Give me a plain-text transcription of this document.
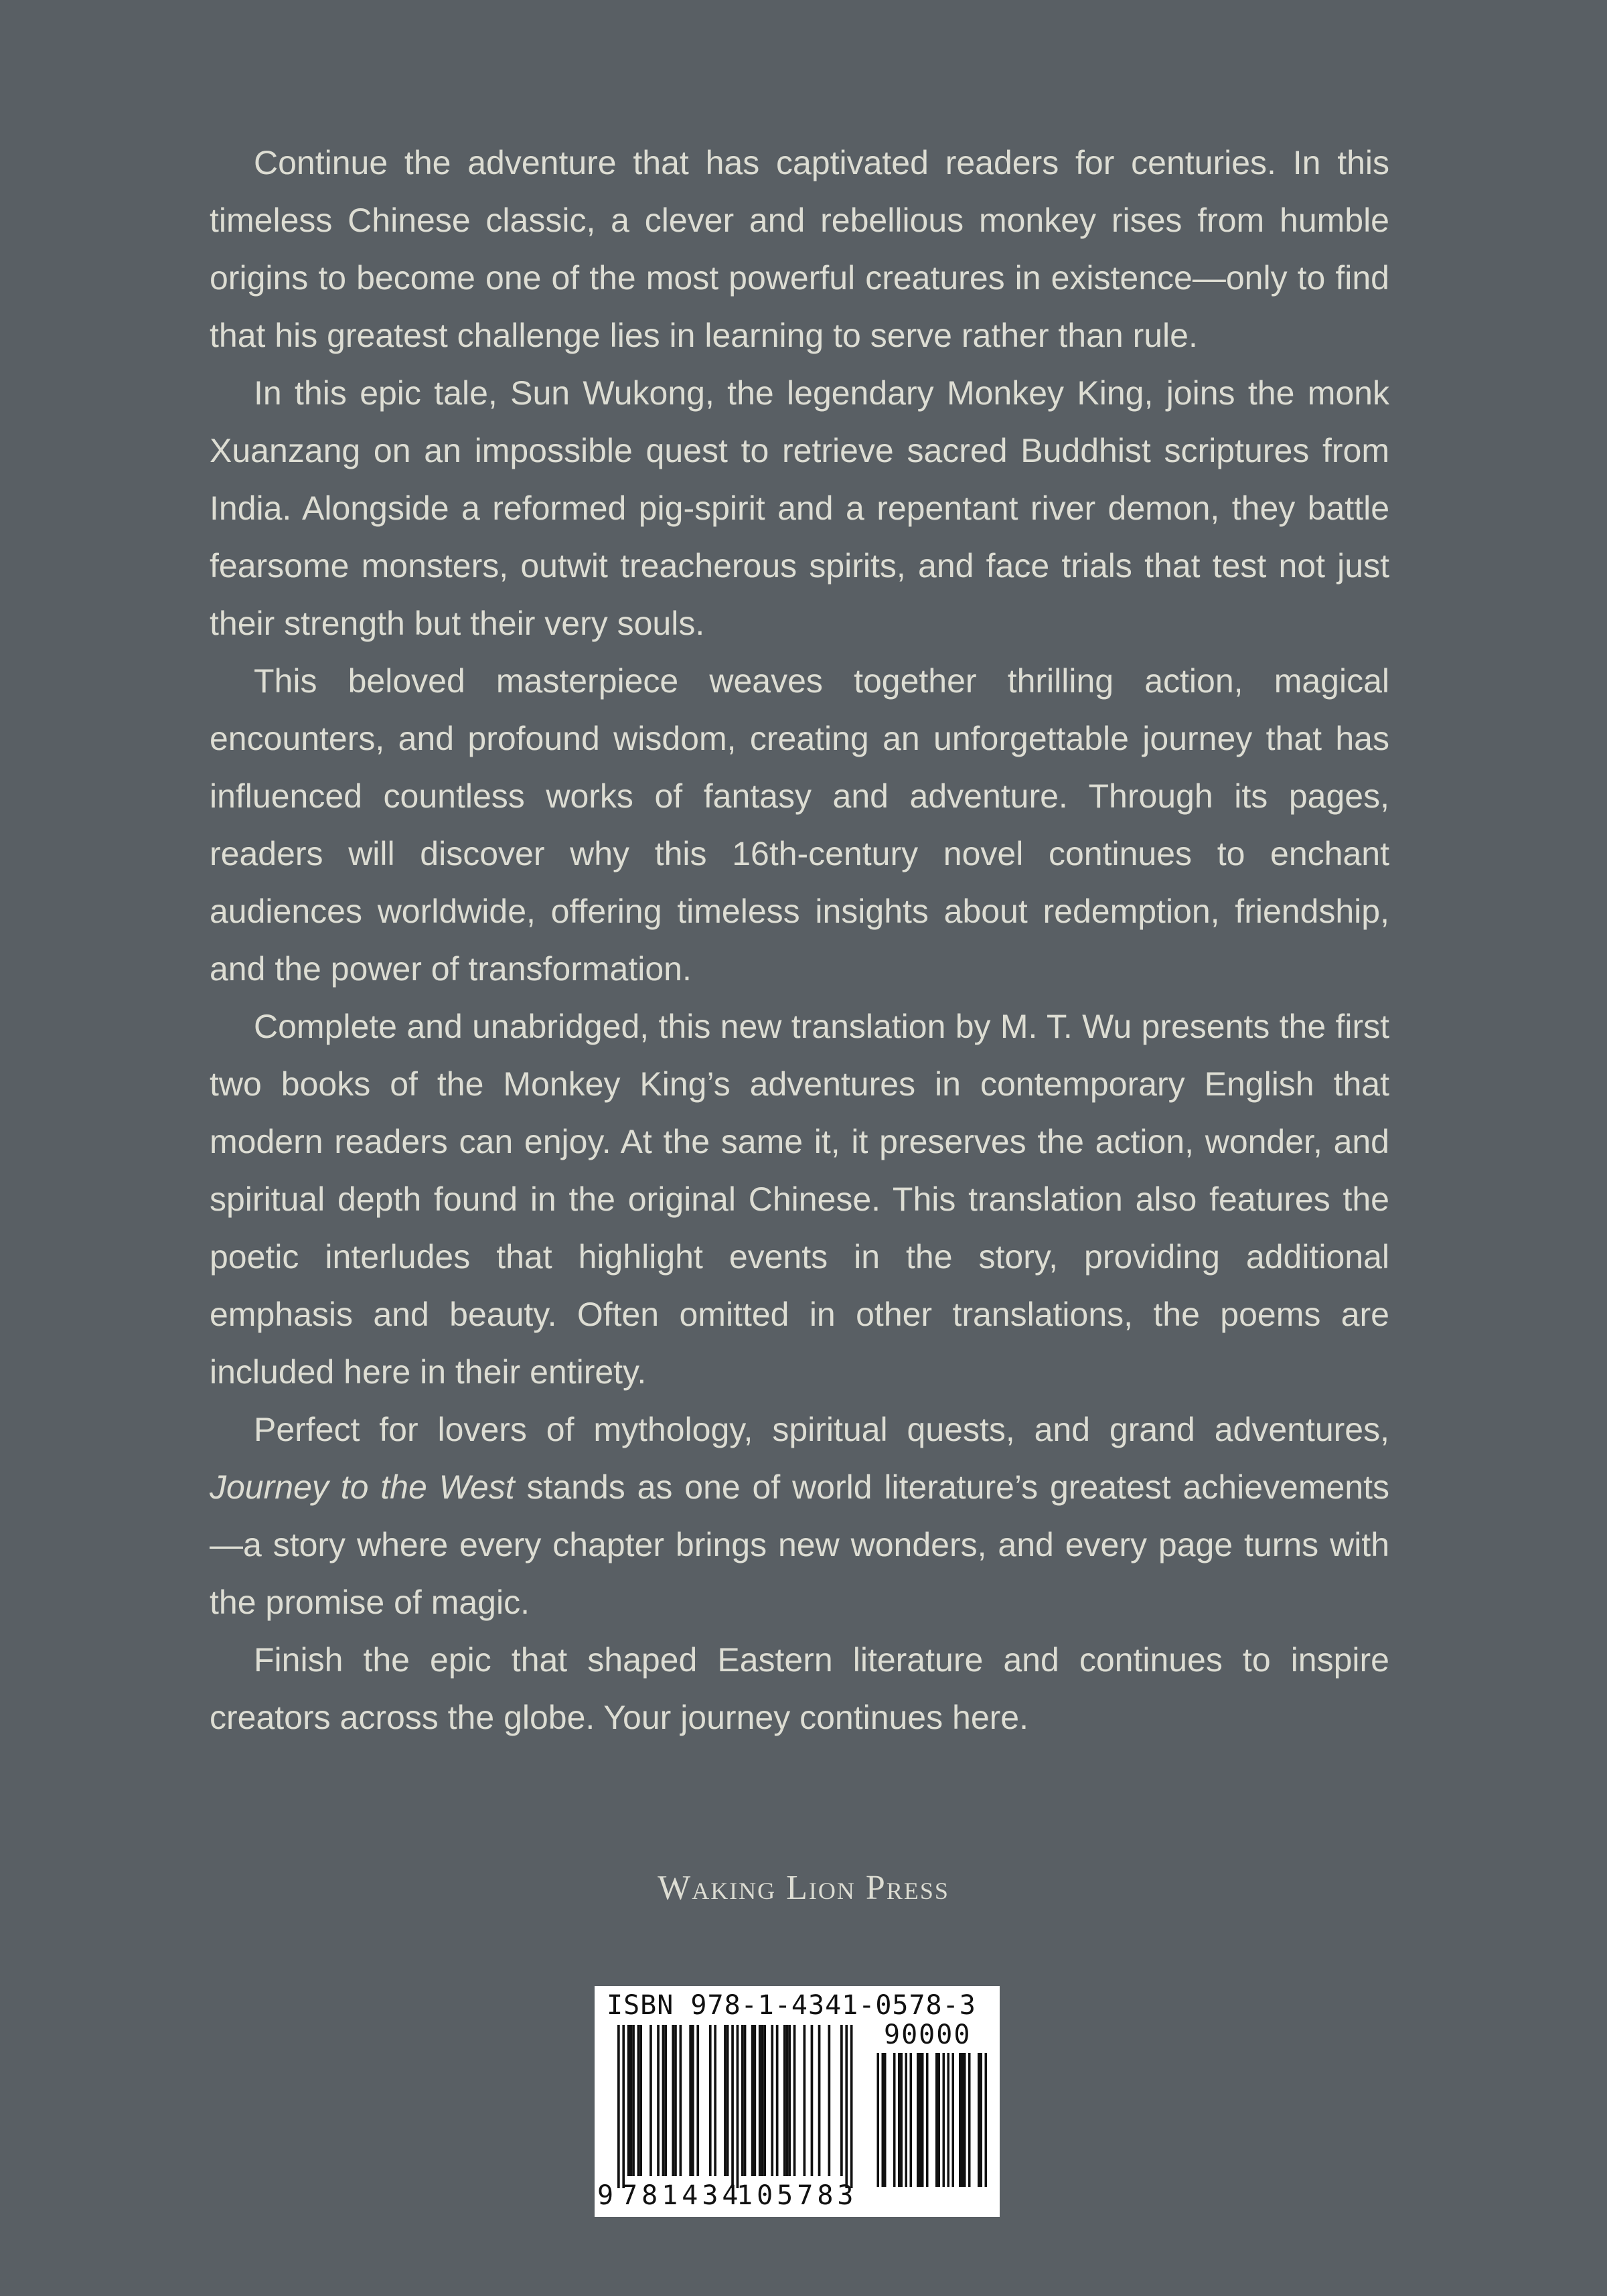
Continue the adventure that has captivated readers for centuries. In this timeless Chinese classic, a clever and rebellious monkey rises from humble origins to become one of the most powerful creatures in existence—only to find that his greatest challenge lies in learning to serve rather than rule.

In this epic tale, Sun Wukong, the legendary Monkey King, joins the monk Xuanzang on an impossible quest to retrieve sacred Buddhist scriptures from India. Alongside a reformed pig-spirit and a repentant river demon, they battle fearsome monsters, outwit treacherous spirits, and face trials that test not just their strength but their very souls.

This beloved masterpiece weaves together thrilling action, magical encounters, and profound wisdom, creating an unforgettable journey that has influenced countless works of fantasy and adventure. Through its pages, readers will discover why this 16th-century novel continues to enchant audiences worldwide, offering timeless insights about redemption, friendship, and the power of transformation.

Complete and unabridged, this new translation by M. T. Wu presents the first two books of the Monkey King’s adventures in contemporary English that modern readers can enjoy. At the same it, it preserves the action, wonder, and spiritual depth found in the original Chinese. This translation also features the poetic interludes that highlight events in the story, providing additional emphasis and beauty. Often omitted in other translations, the poems are included here in their entirety.

Perfect for lovers of mythology, spiritual quests, and grand adventures, Journey to the West stands as one of world literature’s greatest achievements—a story where every chapter brings new wonders, and every page turns with the promise of magic.

Finish the epic that shaped Eastern literature and continues to inspire creators across the globe. Your journey continues here.

Waking Lion Press
ISBN 978-1-4341-0578-3
90000
9 781434
105783
